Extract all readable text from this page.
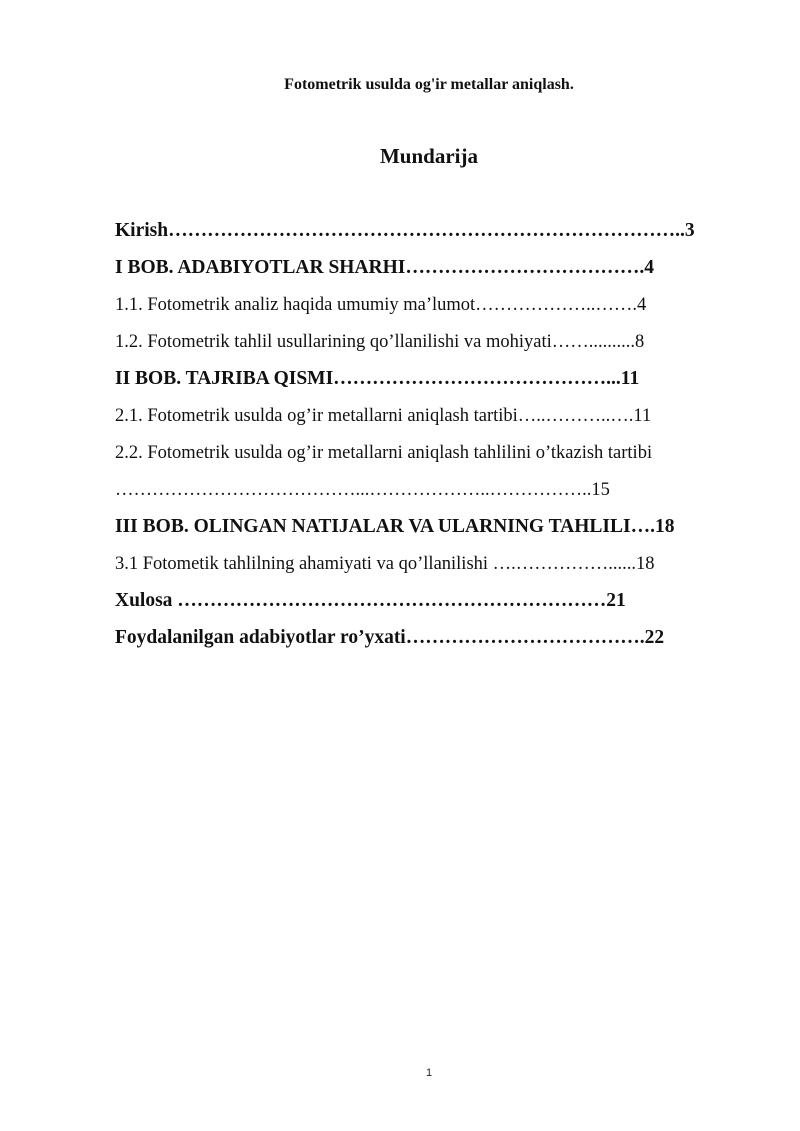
Fotometrik usulda og'ir metallar aniqlash.
Mundarija
Kirish……………………………………………………………………..3
I BOB. ADABIYOTLAR SHARHI……………………………….4
1.1. Fotometrik analiz haqida umumiy ma’lumot………………..…….4
1.2. Fotometrik tahlil usullarining qo’llanilishi va mohiyati……..........8
II BOB. TAJRIBA QISMI……………………………………...11
2.1. Fotometrik usulda og’ir metallarni aniqlash tartibi…..………..….11
2.2. Fotometrik usulda og’ir metallarni aniqlash tahlilini o’tkazish tartibi
…………………………………...………………..……………..15
III BOB. OLINGAN NATIJALAR VA ULARNING TAHLILI….18
3.1 Fotometik tahlilning ahamiyati va qo’llanilishi ….……………......18
Xulosa …………………………………………………………21
Foydalanilgan adabiyotlar ro’yxati……………………………….22
1
